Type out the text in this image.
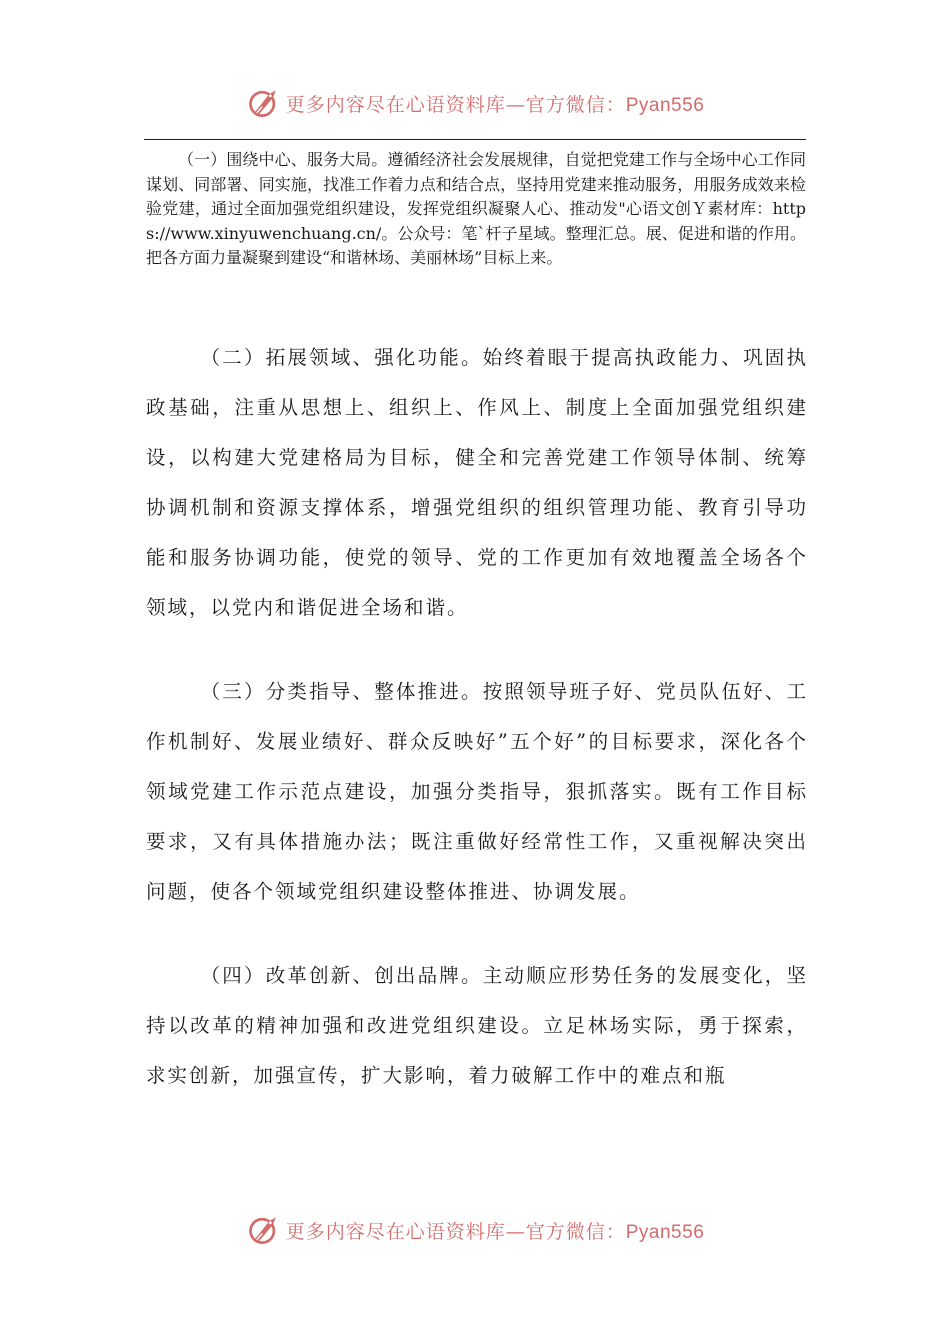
更多内容尽在心语资料库—官方微信：Pyan556

（一）围绕中心、服务大局。遵循经济社会发展规律，自觉把党建工作与全场中心工作同谋划、同部署、同实施，找准工作着力点和结合点，坚持用党建来推动服务，用服务成效来检验党建，通过全面加强党组织建设，发挥党组织凝聚人心、推动发"心语文创Ｙ素材库：https://www.xinyuwenchuang.cn/。公众号：笔`杆子星域。整理汇总。展、促进和谐的作用。把各方面力量凝聚到建设“和谐林场、美丽林场”目标上来。

（二）拓展领域、强化功能。始终着眼于提高执政能力、巩固执政基础，注重从思想上、组织上、作风上、制度上全面加强党组织建设，以构建大党建格局为目标，健全和完善党建工作领导体制、统筹协调机制和资源支撑体系，增强党组织的组织管理功能、教育引导功能和服务协调功能，使党的领导、党的工作更加有效地覆盖全场各个领域，以党内和谐促进全场和谐。

（三）分类指导、整体推进。按照领导班子好、党员队伍好、工作机制好、发展业绩好、群众反映好”五个好”的目标要求，深化各个领域党建工作示范点建设，加强分类指导，狠抓落实。既有工作目标要求，又有具体措施办法；既注重做好经常性工作，又重视解决突出问题，使各个领域党组织建设整体推进、协调发展。

（四）改革创新、创出品牌。主动顺应形势任务的发展变化，坚持以改革的精神加强和改进党组织建设。立足林场实际，勇于探索，求实创新，加强宣传，扩大影响，着力破解工作中的难点和瓶

更多内容尽在心语资料库—官方微信：Pyan556
